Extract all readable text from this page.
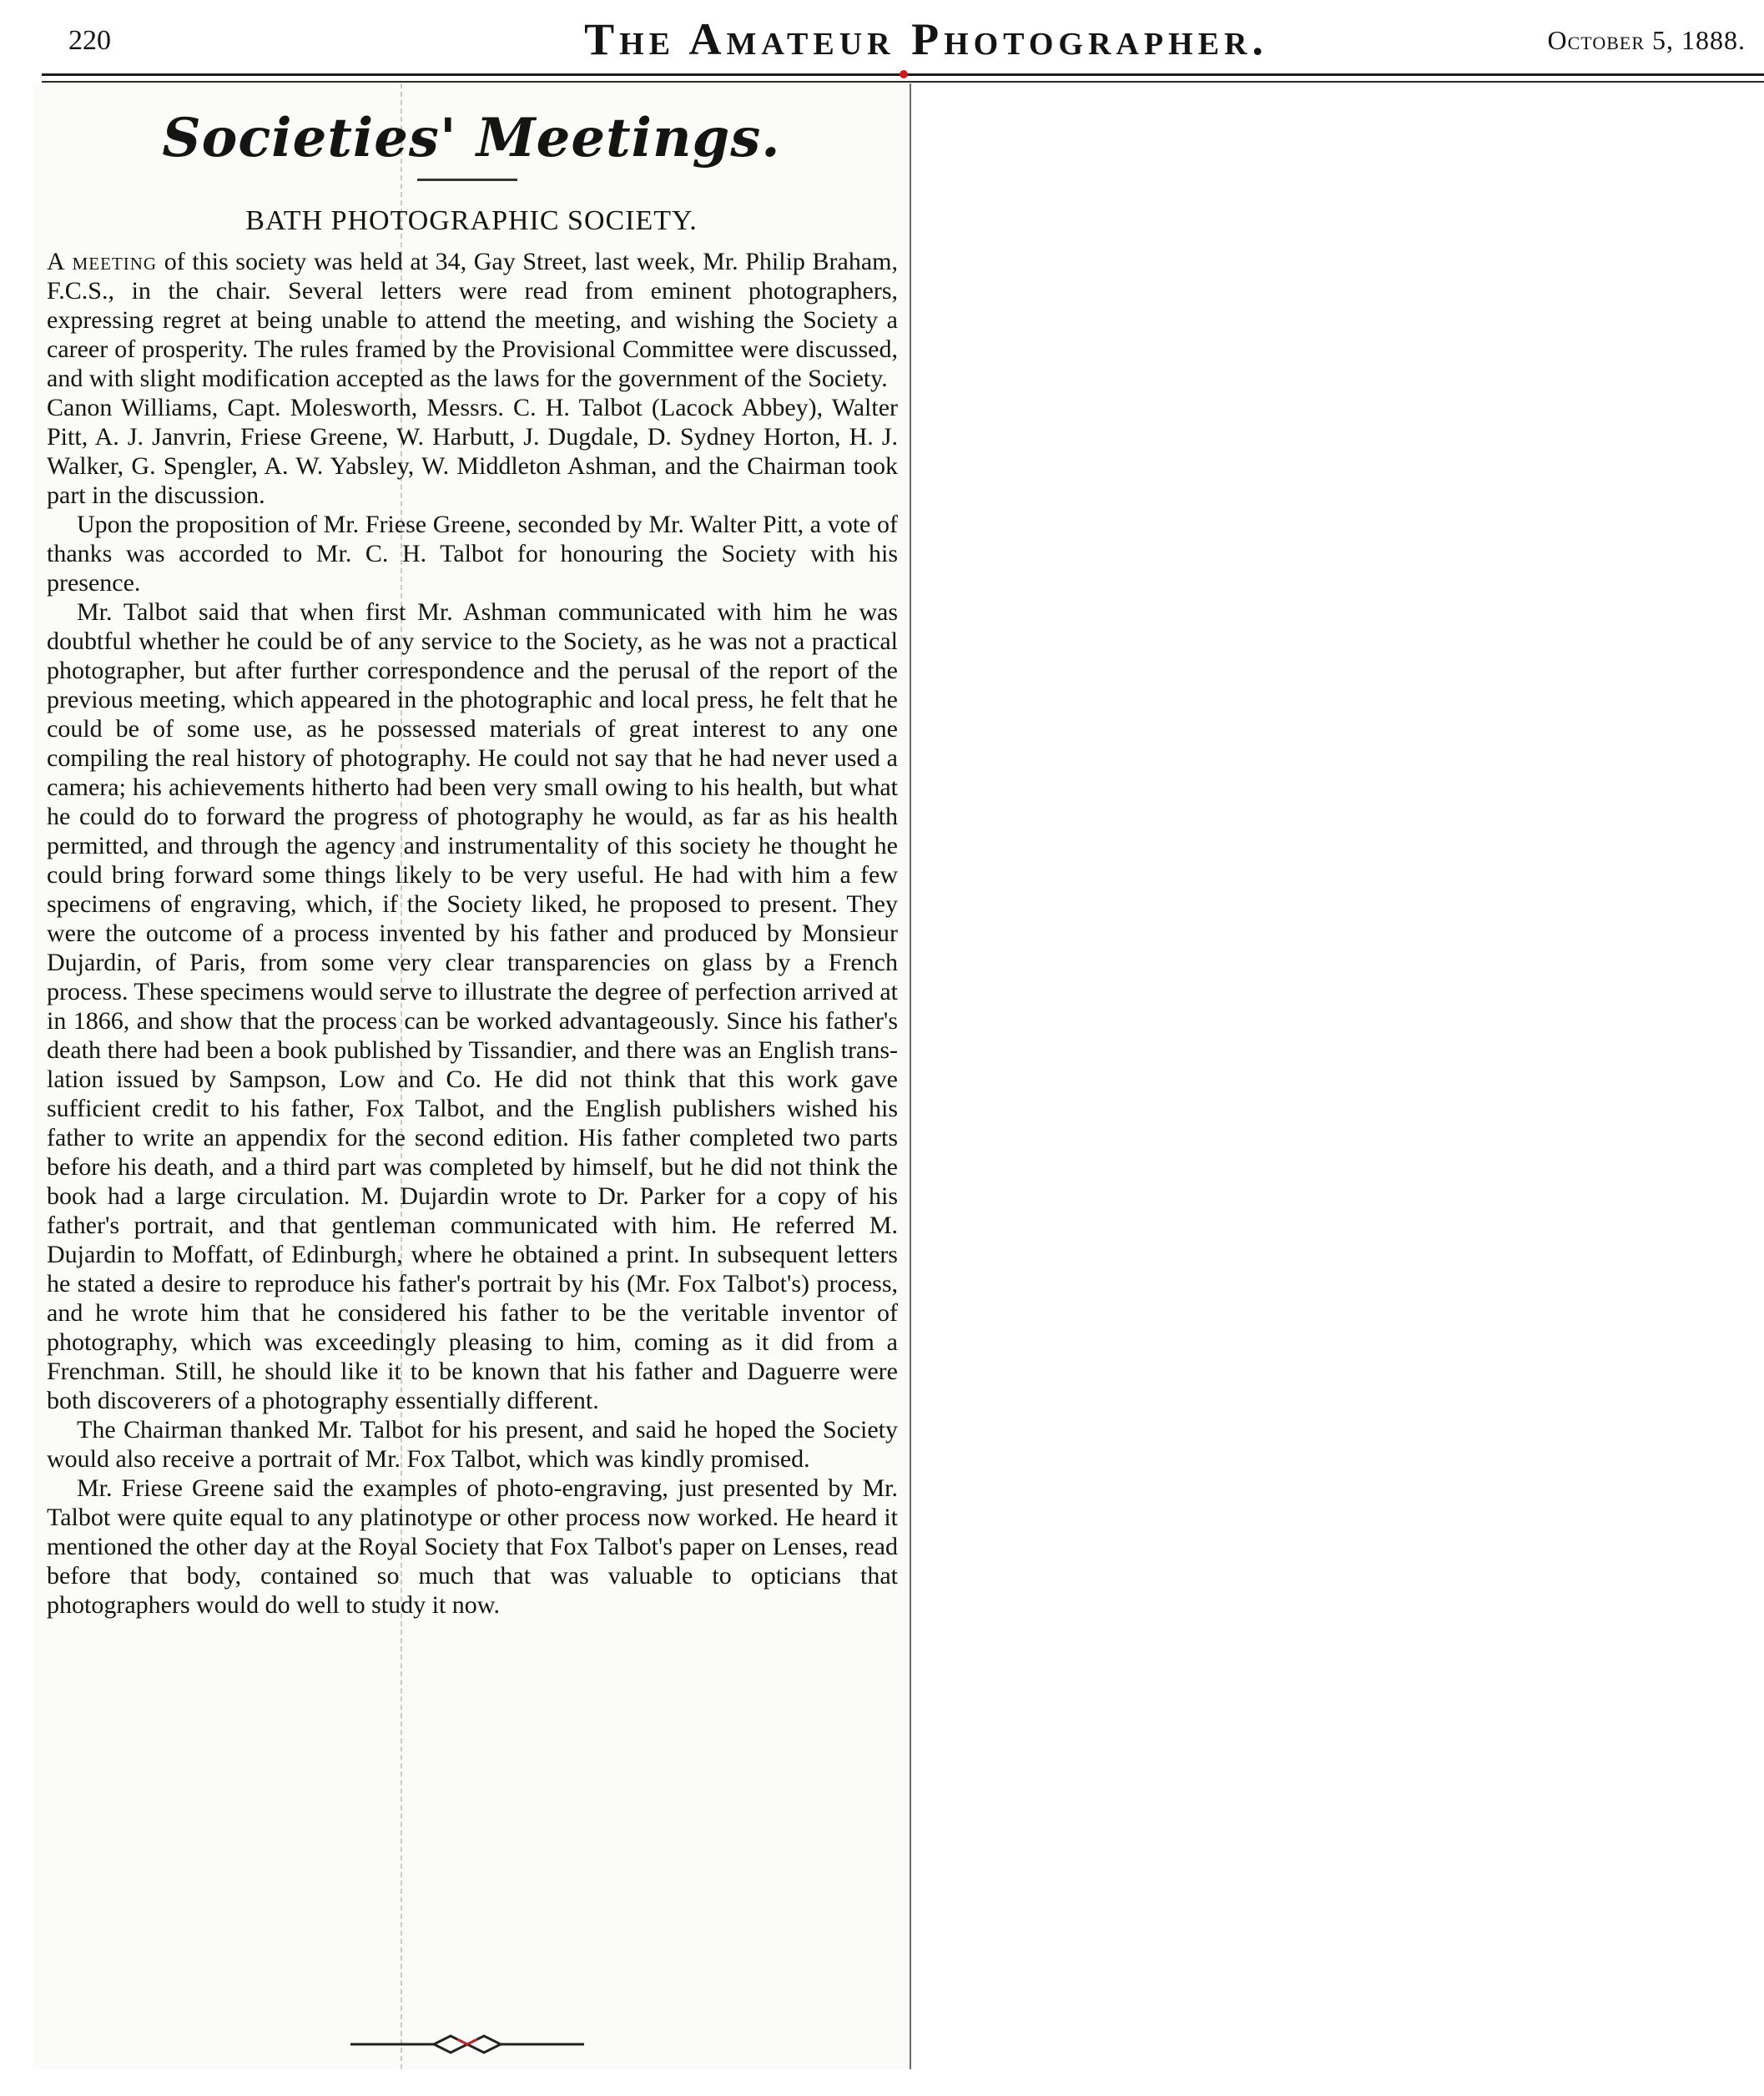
220	The Amateur Photographer.	October 5, 1888.
Societies' Meetings.
BATH PHOTOGRAPHIC SOCIETY.

A meeting of this society was held at 34, Gay Street, last week, Mr. Philip Braham, F.C.S., in the chair. Several letters were read from eminent photographers, expressing regret at being unable to attend the meeting, and wishing the Society a career of prosperity. The rules framed by the Provisional Committee were discussed, and with slight modification accepted as the laws for the government of the Society.

Canon Williams, Capt. Molesworth, Messrs. C. H. Talbot (Lacock Abbey), Walter Pitt, A. J. Janvrin, Friese Greene, W. Harbutt, J. Dugdale, D. Sydney Horton, H. J. Walker, G. Spengler, A. W. Yabsley, W. Middleton Ashman, and the Chairman took part in the discussion.

Upon the proposition of Mr. Friese Greene, seconded by Mr. Walter Pitt, a vote of thanks was accorded to Mr. C. H. Talbot for honouring the Society with his presence.

Mr. Talbot said that when first Mr. Ashman communicated with him he was doubtful whether he could be of any service to the Society, as he was not a practical photographer, but after further correspondence and the perusal of the report of the previous meeting, which appeared in the photographic and local press, he felt that he could be of some use, as he possessed materials of great interest to any one compiling the real history of photography. He could not say that he had never used a camera; his achievements hitherto had been very small owing to his health, but what he could do to forward the progress of photography he would, as far as his health permitted, and through the agency and instrumentality of this society he thought he could bring forward some things likely to be very useful. He had with him a few specimens of engraving, which, if the Society liked, he proposed to present. They were the outcome of a process invented by his father and produced by Monsieur Dujardin, of Paris, from some very clear transparencies on glass by a French process. These specimens would serve to illustrate the degree of perfection arrived at in 1866, and show that the process can be worked advantageously. Since his father's death there had been a book published by Tissandier, and there was an English translation issued by Sampson, Low and Co. He did not think that this work gave sufficient credit to his father, Fox Talbot, and the English publishers wished his father to write an appendix for the second edition. His father completed two parts before his death, and a third part was completed by himself, but he did not think the book had a large circulation. M. Dujardin wrote to Dr. Parker for a copy of his father's portrait, and that gentleman communicated with him. He referred M. Dujardin to Moffatt, of Edinburgh, where he obtained a print. In subsequent letters he stated a desire to reproduce his father's portrait by his (Mr. Fox Talbot's) process, and he wrote him that he considered his father to be the veritable inventor of photography, which was exceedingly pleasing to him, coming as it did from a Frenchman. Still, he should like it to be known that his father and Daguerre were both discoverers of a photography essentially different.

The Chairman thanked Mr. Talbot for his present, and said he hoped the Society would also receive a portrait of Mr. Fox Talbot, which was kindly promised.

Mr. Friese Greene said the examples of photo-engraving, just presented by Mr. Talbot were quite equal to any platinotype or other process now worked. He heard it mentioned the other day at the Royal Society that Fox Talbot's paper on Lenses, read before that body, contained so much that was valuable to opticians that photographers would do well to study it now.
